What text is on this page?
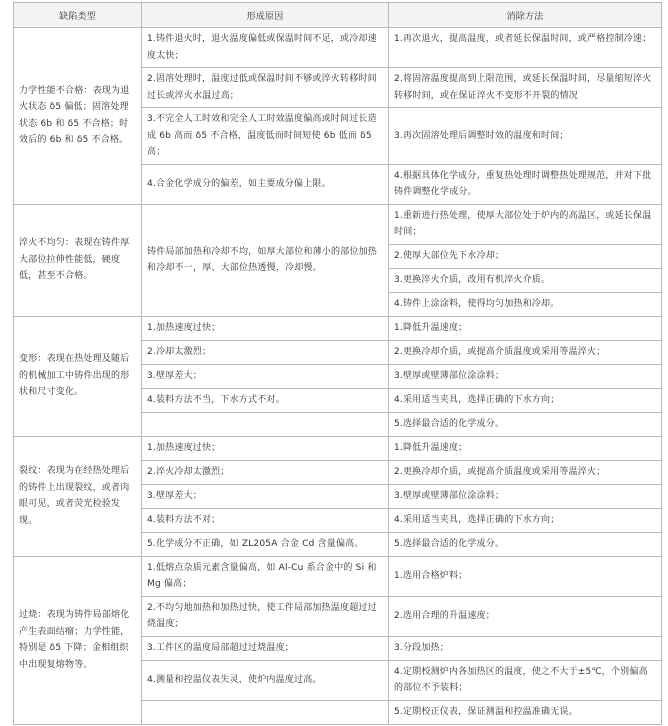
缺陷类型	形成原因	消除方法
力学性能不合格：表现为退火状态 δ5 偏低；固溶处理状态 6b 和 δ5 不合格；时效后的 6b 和 δ5 不合格。	1.铸件退火时，退火温度偏低或保温时间不足，或冷却速度太快；	1.再次退火，提高温度，或者延长保温时间，或严格控制冷速；
	2.固溶处理时，温度过低或保温时间不够或淬火转移时间过长或淬火水温过高；	2.将固溶温度提高到上限范围，或延长保温时间，尽量缩短淬火转移时间，或在保证淬火不变形不开裂的情况
	3.不完全人工时效和完全人工时效温度偏高或时间过长造成 6b 高而 δ5 不合格，温度低而时间短使 6b 低而 δ5 高；	3.再次固溶处理后调整时效的温度和时间；
	4.合金化学成分的偏差，如主要成分偏上限。	4.根据具体化学成分，重复热处理时调整热处理规范，并对下批铸件调整化学成分。
淬火不均匀：表现在铸件厚大部位拉伸性能低，硬度低，甚至不合格。	铸件局部加热和冷却不均，如厚大部位和薄小的部位加热和冷却不一，厚、大部位热透慢，冷却慢。	1.重新进行热处理，使厚大部位处于炉内的高温区，或延长保温时间；
		2.使厚大部位先下水冷却；
		3.更换淬火介质，改用有机淬火介质。
		4.铸件上涂涂料，使得均匀加热和冷却。
变形：表现在热处理及随后的机械加工中铸件出现的形状和尺寸变化。	1.加热速度过快；	1.降低升温速度；
	2.冷却太激烈；	2.更换冷却介质，或提高介质温度或采用等温淬火；
	3.壁厚差大；	3.壁厚或壁薄部位涂涂料；
	4.装料方法不当，下水方式不对。	4.采用适当夹具，选择正确的下水方向；
		5.选择最合适的化学成分。
裂纹：表现为在经热处理后的铸件上出现裂纹，或者肉眼可见，或者荧光检验发现。	1.加热速度过快；	1.降低升温速度；
	2.淬火冷却太激烈；	2.更换冷却介质，或提高介质温度或采用等温淬火；
	3.壁厚差大；	3.壁厚或壁薄部位涂涂料；
	4.装料方法不对；	4.采用适当夹具，选择正确的下水方向；
	5.化学成分不正确，如 ZL205A 合金 Cd 含量偏高。	5.选择最合适的化学成分。
过烧：表现为铸件局部熔化产生表面结瘤；力学性能，特别是 δ5 下降；金相组织中出现复熔物等。	1.低熔点杂质元素含量偏高，如 Al-Cu 系合金中的 Si 和 Mg 偏高；	1.选用合格炉料；
	2.不均匀地加热和加热过快，使工件局部加热温度超过过烧温度；	2.选用合理的升温速度；
	3.工件区的温度局部超过过烧温度；	3.分段加热；
	4.测量和控温仪表失灵，使炉内温度过高。	4.定期校测炉内各加热区的温度，使之不大于±5℃，个别偏高的部位不予装料；
		5.定期校正仪表，保证测温和控温准确无误。
